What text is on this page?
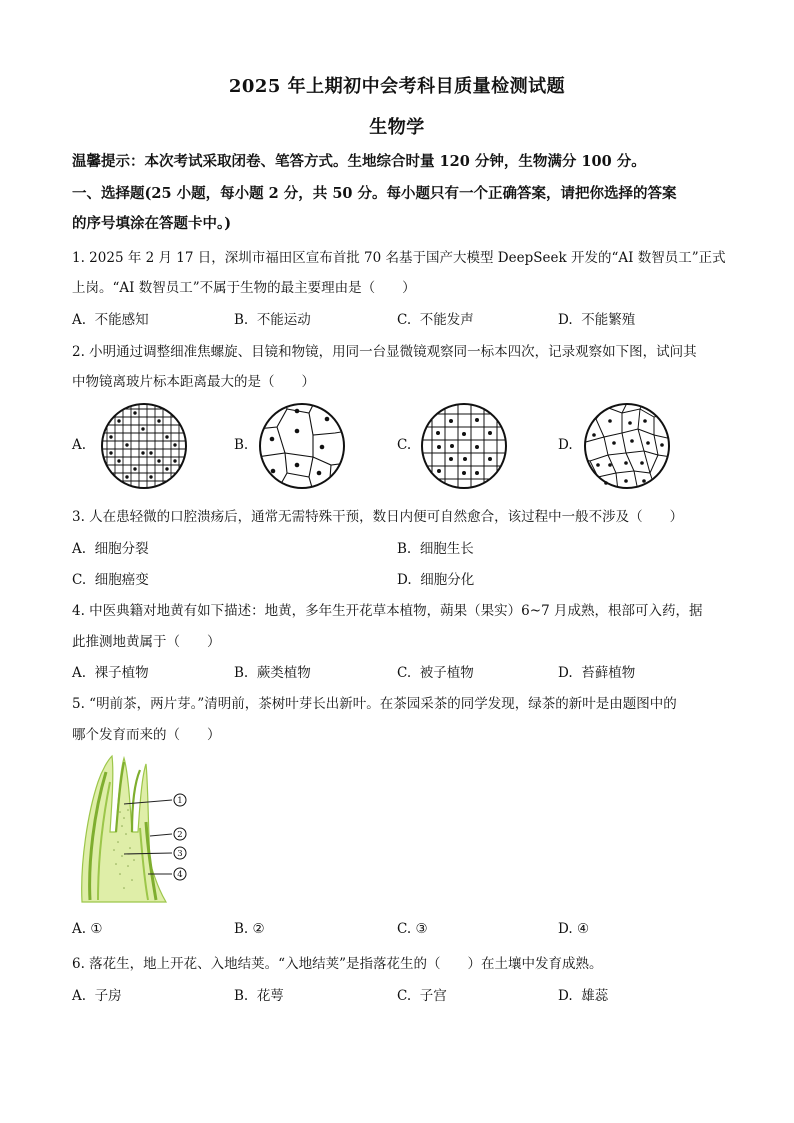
2025 年上期初中会考科目质量检测试题
生物学
温馨提示：本次考试采取闭卷、笔答方式。生地综合时量 120 分钟，生物满分 100 分。
一、选择题(25 小题，每小题 2 分，共 50 分。每小题只有一个正确答案，请把你选择的答案
的序号填涂在答题卡中。)
1. 2025 年 2 月 17 日，深圳市福田区宣布首批 70 名基于国产大模型 DeepSeek 开发的“AI 数智员工”正式
上岗。“AI 数智员工”不属于生物的最主要理由是（　　）
A. 不能感知	B. 不能运动	C. 不能发声	D. 不能繁殖
2. 小明通过调整细准焦螺旋、目镜和物镜，用同一台显微镜观察同一标本四次，记录观察如下图，试问其
中物镜离玻片标本距离最大的是（　　）
A.	B.	C.	D.
3. 人在患轻微的口腔溃疡后，通常无需特殊干预，数日内便可自然愈合，该过程中一般不涉及（　　）
A. 细胞分裂	B. 细胞生长
C. 细胞癌变	D. 细胞分化
4. 中医典籍对地黄有如下描述：地黄，多年生开花草本植物，蒴果（果实）6~7 月成熟，根部可入药，据
此推测地黄属于（　　）
A. 裸子植物	B. 蕨类植物	C. 被子植物	D. 苔藓植物
5. “明前茶，两片芽。”清明前，茶树叶芽长出新叶。在茶园采茶的同学发现，绿茶的新叶是由题图中的
哪个发育而来的（　　）
1
2
3
4
A. ①	B. ②	C. ③	D. ④
6. 落花生，地上开花、入地结荚。“入地结荚”是指落花生的（　　）在土壤中发育成熟。
A. 子房	B. 花萼	C. 子宫	D. 雄蕊
